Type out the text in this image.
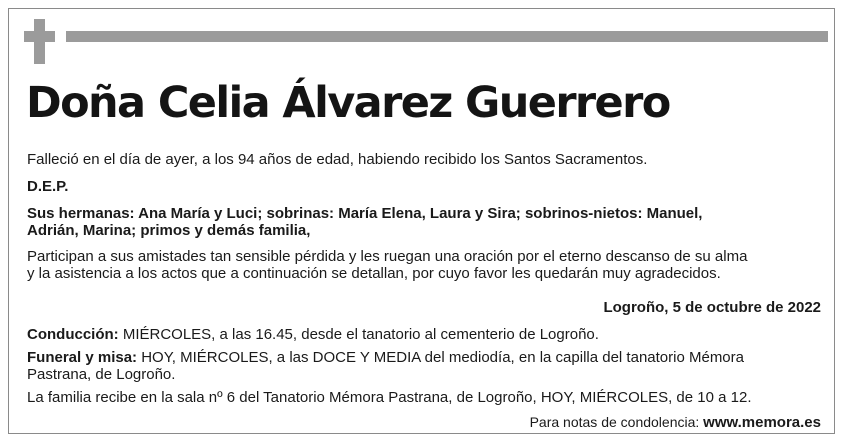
Doña Celia Álvarez Guerrero

Falleció en el día de ayer, a los 94 años de edad, habiendo recibido los Santos Sacramentos.

D.E.P.

Sus hermanas: Ana María y Luci; sobrinas: María Elena, Laura y Sira; sobrinos-nietos: Manuel,

Adrián, Marina; primos y demás familia,

Participan a sus amistades tan sensible pérdida y les ruegan una oración por el eterno descanso de su alma

y la asistencia a los actos que a continuación se detallan, por cuyo favor les quedarán muy agradecidos.

Logroño, 5 de octubre de 2022

Conducción: MIÉRCOLES, a las 16.45, desde el tanatorio al cementerio de Logroño.

Funeral y misa: HOY, MIÉRCOLES, a las DOCE Y MEDIA del mediodía, en la capilla del tanatorio Mémora

Pastrana, de Logroño.

La familia recibe en la sala nº 6 del Tanatorio Mémora Pastrana, de Logroño, HOY, MIÉRCOLES, de 10 a 12.

Para notas de condolencia: www.memora.es
